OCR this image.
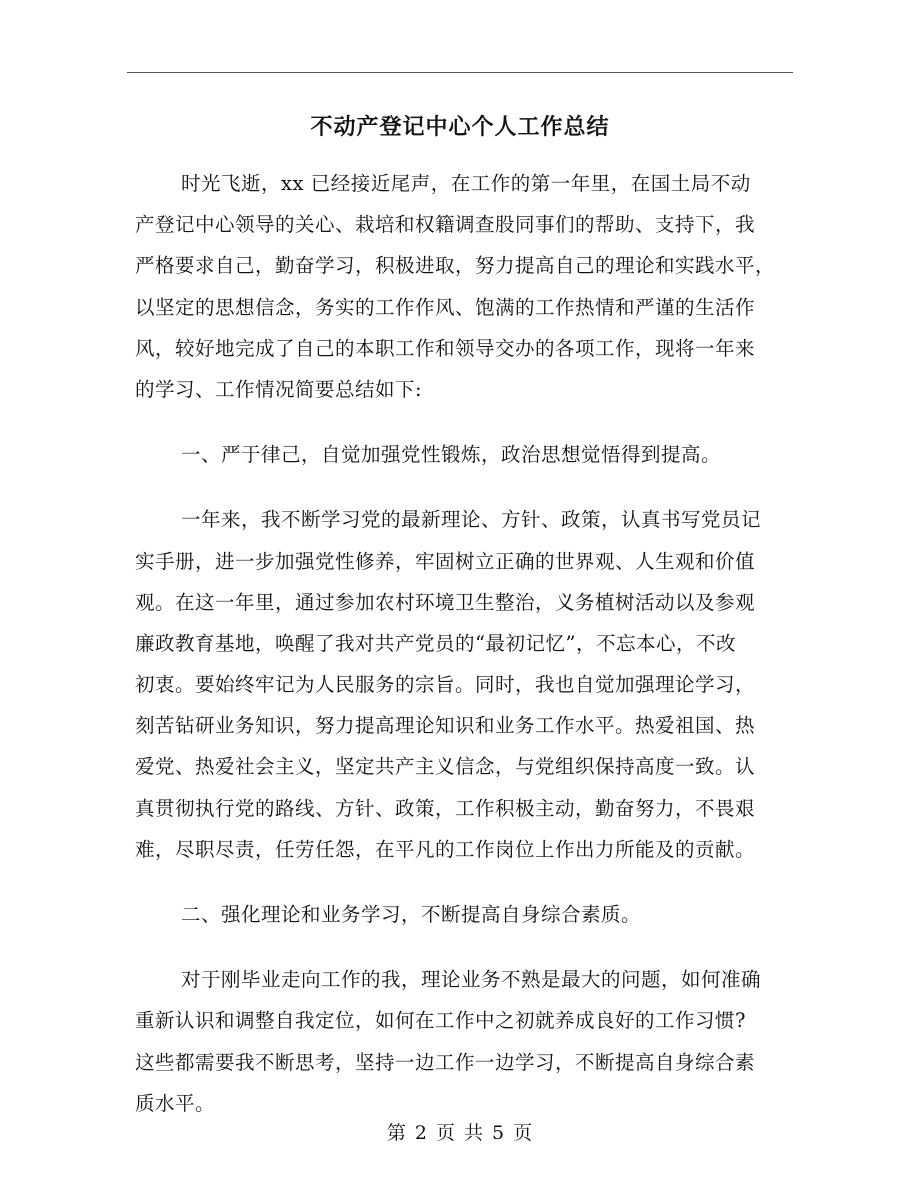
不动产登记中心个人工作总结
时光飞逝，xx 已经接近尾声，在工作的第一年里，在国土局不动
产登记中心领导的关心、栽培和权籍调查股同事们的帮助、支持下，我
严格要求自己，勤奋学习，积极进取，努力提高自己的理论和实践水平，
以坚定的思想信念，务实的工作作风、饱满的工作热情和严谨的生活作
风，较好地完成了自己的本职工作和领导交办的各项工作，现将一年来
的学习、工作情况简要总结如下:
一、严于律己，自觉加强党性锻炼，政治思想觉悟得到提高。
一年来，我不断学习党的最新理论、方针、政策，认真书写党员记
实手册，进一步加强党性修养，牢固树立正确的世界观、人生观和价值
观。在这一年里，通过参加农村环境卫生整治，义务植树活动以及参观
廉政教育基地，唤醒了我对共产党员的“最初记忆”，不忘本心，不改
初衷。要始终牢记为人民服务的宗旨。同时，我也自觉加强理论学习，
刻苦钻研业务知识，努力提高理论知识和业务工作水平。热爱祖国、热
爱党、热爱社会主义，坚定共产主义信念，与党组织保持高度一致。认
真贯彻执行党的路线、方针、政策，工作积极主动，勤奋努力，不畏艰
难，尽职尽责，任劳任怨，在平凡的工作岗位上作出力所能及的贡献。
二、强化理论和业务学习，不断提高自身综合素质。
对于刚毕业走向工作的我，理论业务不熟是最大的问题，如何准确
重新认识和调整自我定位，如何在工作中之初就养成良好的工作习惯?
这些都需要我不断思考，坚持一边工作一边学习，不断提高自身综合素
质水平。
第 2 页 共 5 页
